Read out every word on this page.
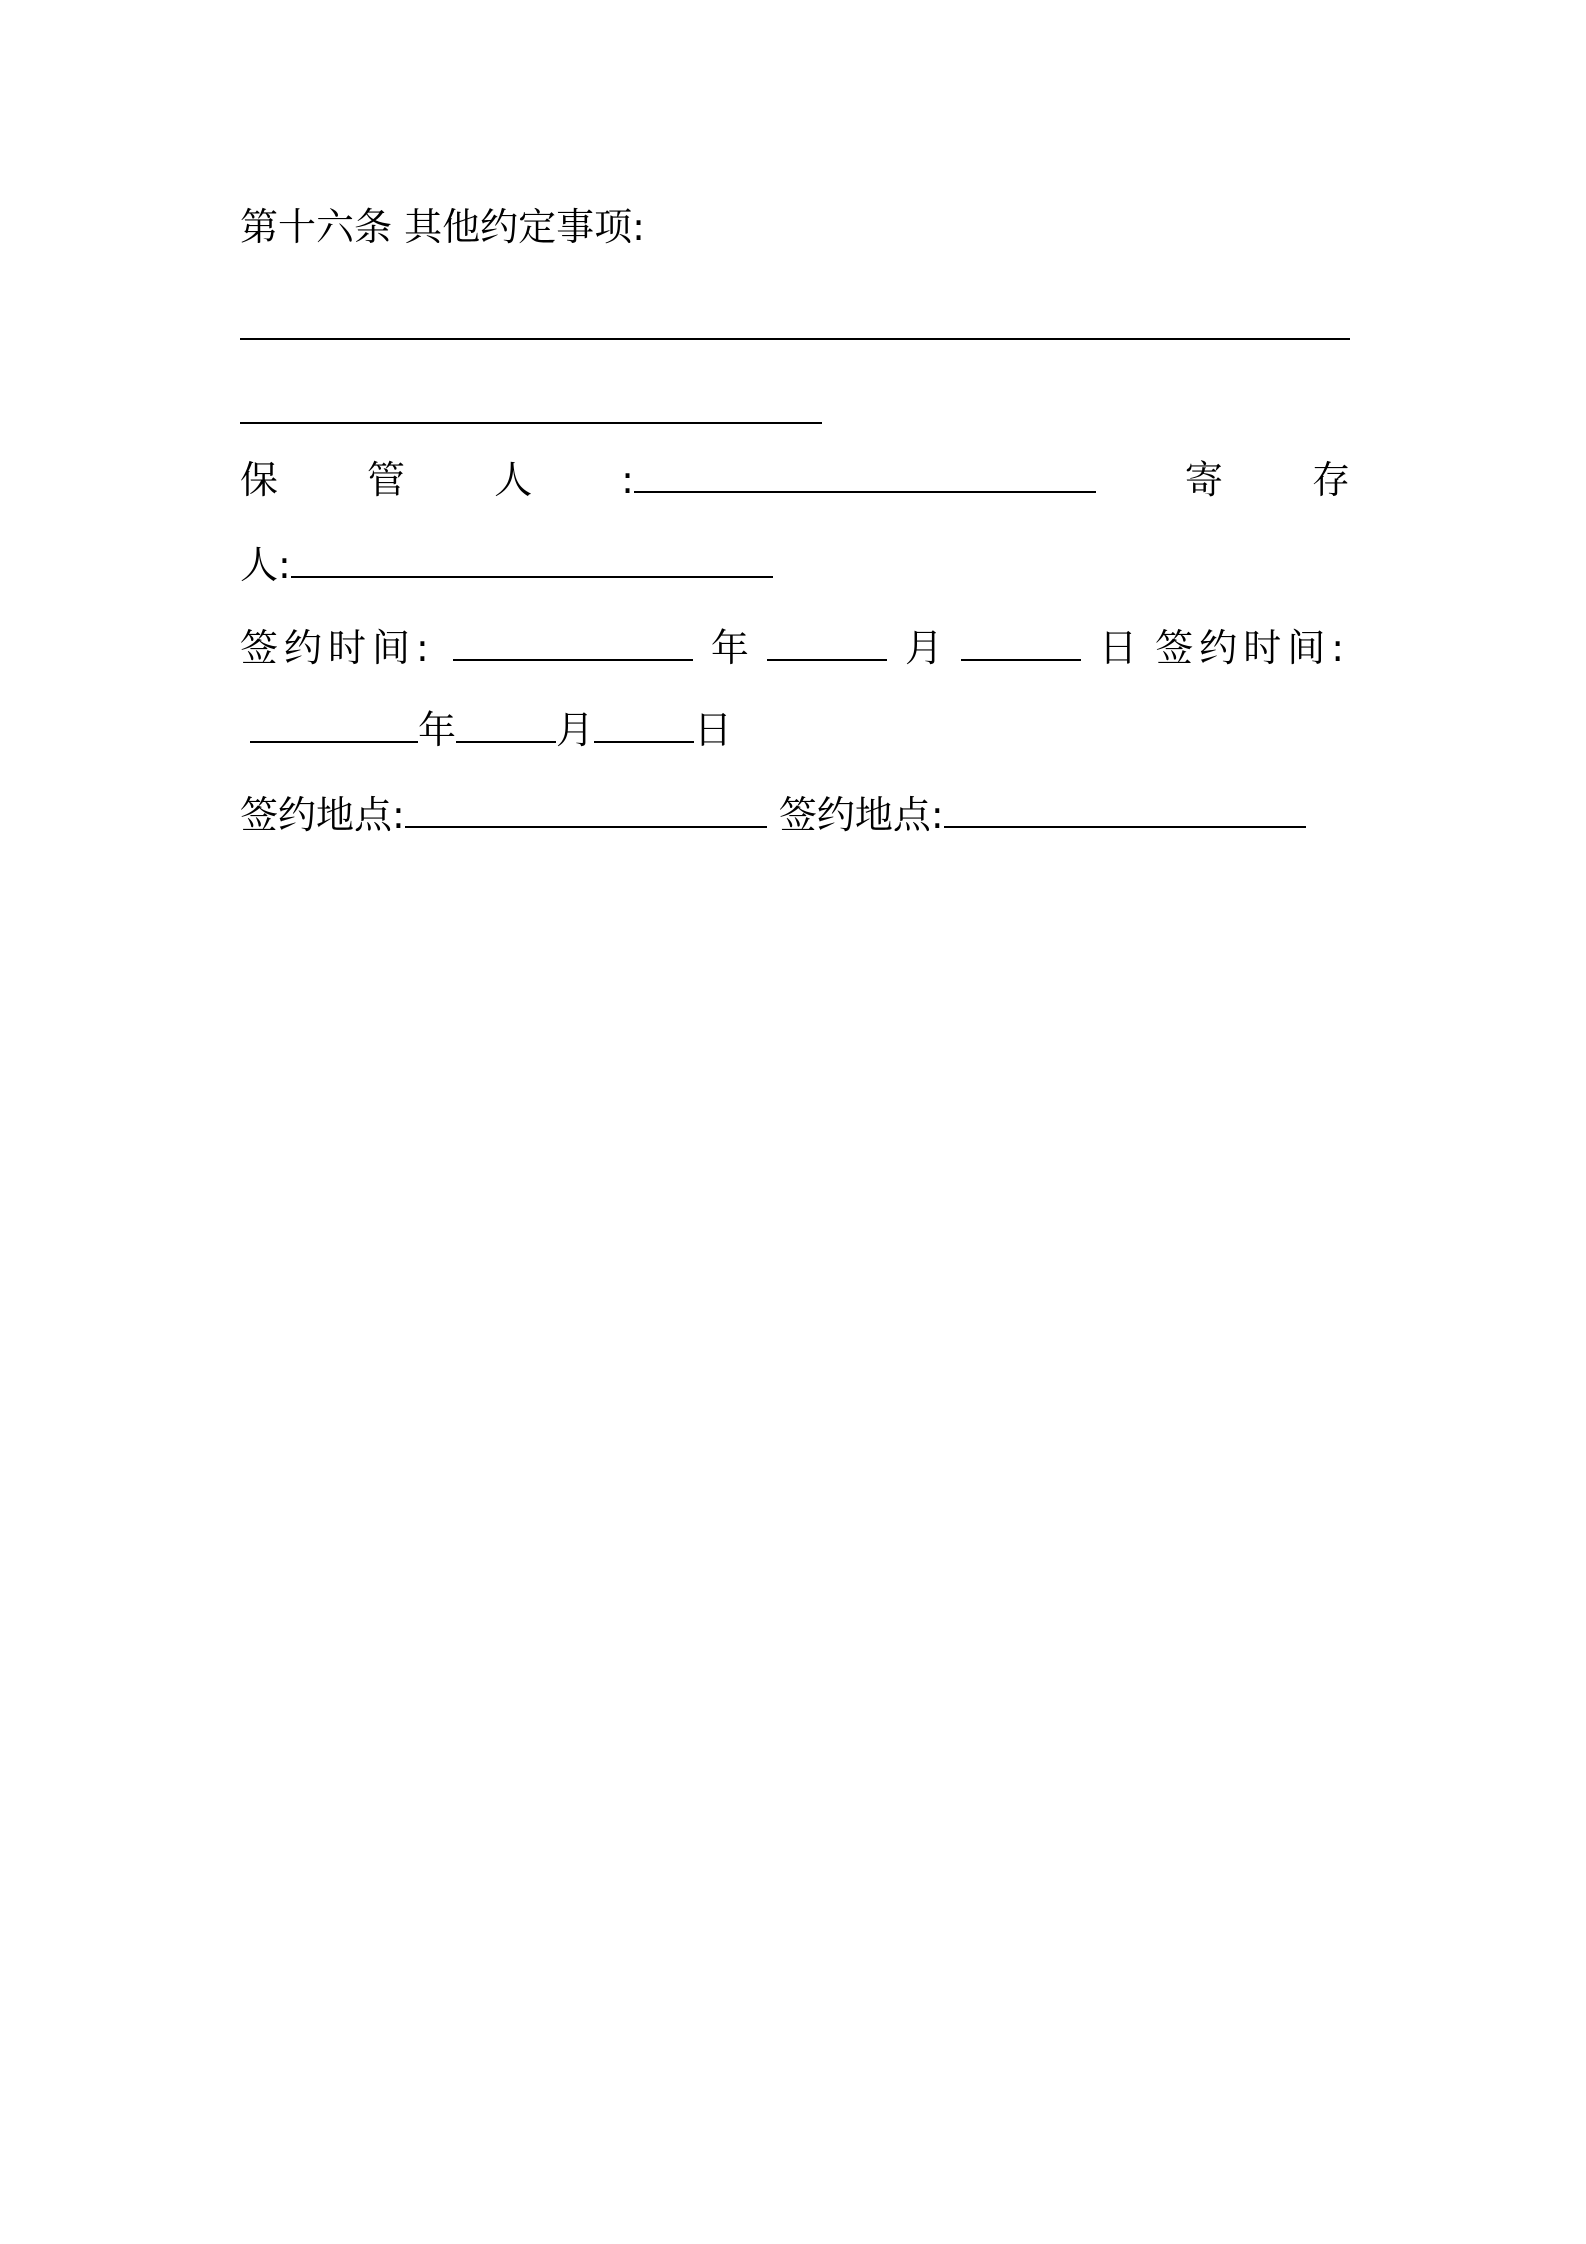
第十六条 其他约定事项:
保 管 人 :	寄 存
人:
签约时间:	年	月	日 签约时间:
年	月	日
签约地点:	签约地点:
